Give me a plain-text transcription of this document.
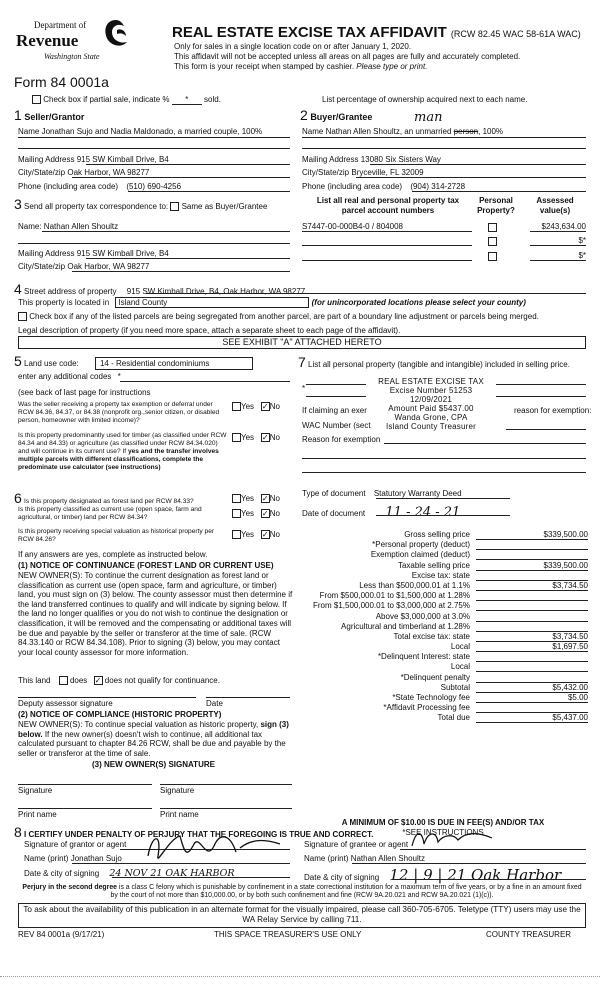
Department of
Revenue
Washington State
Form 84 0001a
REAL ESTATE EXCISE TAX AFFIDAVIT (RCW 82.45 WAC 58-61A WAC)
Only for sales in a single location code on or after January 1, 2020.
This affidavit will not be accepted unless all areas on all pages are fully and accurately completed.
This form is your receipt when stamped by cashier. Please type or print.
Check box if partial sale, indicate % * sold.	List percentage of ownership acquired next to each name.
1 Seller/Grantor
Name Jonathan Sujo and Nadia Maldonado, a married couple, 100%
Mailing Address 915 SW Kimball Drive, B4
City/State/zip Oak Harbor, WA 98277
Phone (including area code) (510) 690-4256
2 Buyer/Grantee	man
Name Nathan Allen Shoultz, an unmarried person, 100%
Mailing Address 13080 Six Sisters Way
City/State/zip Bryceville, FL 32009
Phone (including area code) (904) 314-2728
3 Send all property tax correspondence to: Same as Buyer/Grantee
Name: Nathan Allen Shoultz
Mailing Address 915 SW Kimball Drive, B4
City/State/zip Oak Harbor, WA 98277
List all real and personal property tax parcel account numbers
Personal Property?
Assessed value(s)
S7447-00-000B4-0 / 804008	$243,634.00
$*
$*
4 Street address of property 915 SW Kimball Drive, B4, Oak Harbor, WA 98277
This property is located in Island County	(for unincorporated locations please select your county)
Check box if any of the listed parcels are being segregated from another parcel, are part of a boundary line adjustment or parcels being merged.
Legal description of property (if you need more space, attach a separate sheet to each page of the affidavit).
SEE EXHIBIT "A" ATTACHED HERETO
5 Land use code:	14 - Residential condominiums
enter any additional codes *
(see back of last page for instructions
Was the seller receiving a property tax exemption or deferral under RCW 84.36, 84.37, or 84.38 (nonprofit org.,senior citizen, or disabled person, homeowner with limited income)?
Yes ✓ No
Is this property predominantly used for timber (as classified under RCW 84.34 and 84.33) or agriculture (as classified under RCW 84.34.020) and will continue in its current use? If yes and the transfer involves multiple parcels with different classifications, complete the predominate use calculator (see instructions)
Yes ✓ No
6 Is this property designated as forest land per RCW 84.33?	Yes ✓ No
Is this property classified as current use (open space, farm and agricultural, or timber) land per RCW 84.34?	Yes ✓ No
Is this property receiving special valuation as historical property per RCW 84.26?
Yes ✓ No
If any answers are yes, complete as instructed below.
(1) NOTICE OF CONTINUANCE (FOREST LAND OR CURRENT USE)
NEW OWNER(S): To continue the current designation as forest land or classification as current use (open space, farm and agriculture, or timber) land, you must sign on (3) below. The county assessor must then determine if the land transferred continues to qualify and will indicate by signing below. If the land no longer qualifies or you do not wish to continue the designation or classification, it will be removed and the compensating or additional taxes will be due and payable by the seller or transferor at the time of sale. (RCW 84.33.140 or RCW 84.34.108). Prior to signing (3) below, you may contact your local county assessor for more information.
This land does ✓ does not qualify for continuance.
Deputy assessor signature	Date
(2) NOTICE OF COMPLIANCE (HISTORIC PROPERTY)
NEW OWNER(S): To continue special valuation as historic property, sign (3) below. If the new owner(s) doesn't wish to continue, all additional tax calculated pursuant to chapter 84.26 RCW, shall be due and payable by the seller or transferor at the time of sale.
(3) NEW OWNER(S) SIGNATURE
Signature	Signature
Print name	Print name
7 List all personal property (tangible and intangible) included in selling price.
*
REAL ESTATE EXCISE TAX
Excise Number 51253
12/09/2021
Amount Paid $5437.00
Wanda Grone, CPA
Island County Treasurer
If claiming an exer	reason for exemption:
WAC Number (sect
Reason for exemption
Type of document Statutory Warranty Deed
Date of document 11 - 24 - 21
Gross selling price	$339,500.00
*Personal property (deduct)
Exemption claimed (deduct)
Taxable selling price	$339,500.00
Excise tax: state
Less than $500,000.01 at 1.1%	$3,734.50
From $500,000.01 to $1,500,000 at 1.28%
From $1,500,000.01 to $3,000,000 at 2.75%
Above $3,000,000 at 3.0%
Agricultural and timberland at 1.28%
Total excise tax: state	$3,734.50
Local	$1,697.50
*Delinquent Interest: state
Local
*Delinquent penalty
Subtotal	$5,432.00
*State Technology fee	$5.00
*Affidavit Processing fee
Total due	$5,437.00
A MINIMUM OF $10.00 IS DUE IN FEE(S) AND/OR TAX
*SEE INSTRUCTIONS
8 I CERTIFY UNDER PENALTY OF PERJURY THAT THE FOREGOING IS TRUE AND CORRECT.
Signature of grantor or agent
Name (print) Jonathan Sujo
Date & city of signing 24 NOV 21 OAK HARBOR
Signature of grantee or agent
Name (print) Nathan Allen Shoultz
Date & city of signing 12 | 9 | 21 Oak Harbor
Perjury in the second degree is a class C felony which is punishable by confinement in a state correctional institution for a maximum term of five years, or by a fine in an amount fixed by the court of not more than $10,000.00, or by both such confinement and fine (RCW 9A.20.021 and RCW 9A.20.021 (1)(c)).
To ask about the availability of this publication in an alternate format for the visually impaired, please call 360-705-6705. Teletype (TTY) users may use the WA Relay Service by calling 711.
REV 84 0001a (9/17/21)	THIS SPACE TREASURER'S USE ONLY	COUNTY TREASURER
